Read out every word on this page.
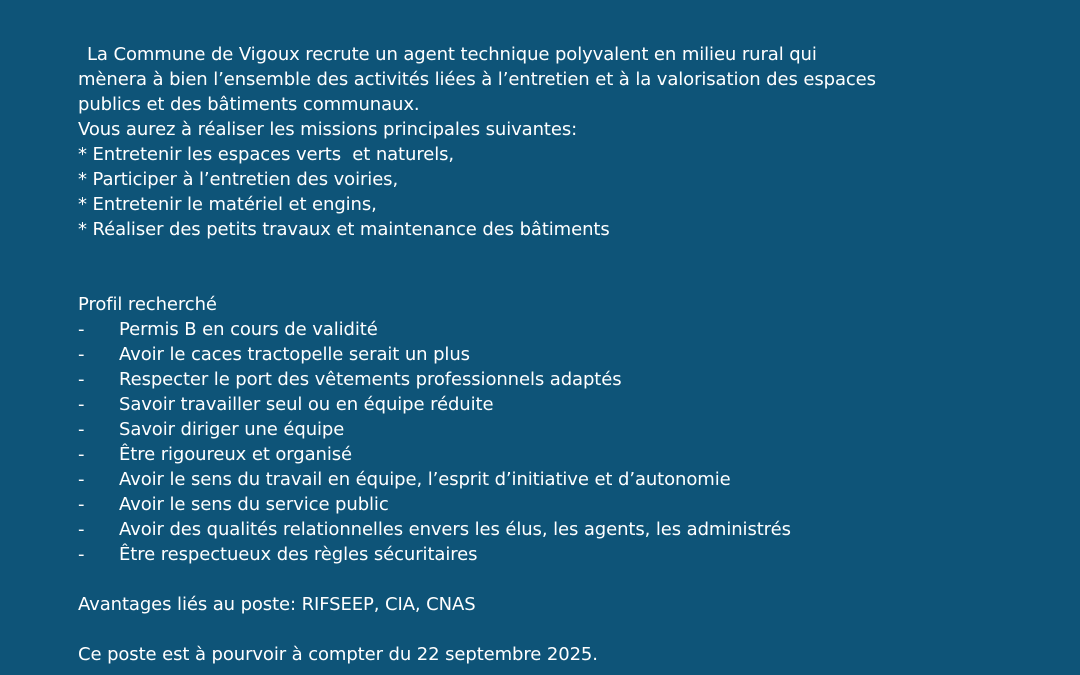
La Commune de Vigoux recrute un agent technique polyvalent en milieu rural qui
mènera à bien l’ensemble des activités liées à l’entretien et à la valorisation des espaces
publics et des bâtiments communaux.
Vous aurez à réaliser les missions principales suivantes:
* Entretenir les espaces verts  et naturels,
* Participer à l’entretien des voiries,
* Entretenir le matériel et engins,
* Réaliser des petits travaux et maintenance des bâtiments
Profil recherché
-	Permis B en cours de validité
-	Avoir le caces tractopelle serait un plus
-	Respecter le port des vêtements professionnels adaptés
-	Savoir travailler seul ou en équipe réduite
-	Savoir diriger une équipe
-	Être rigoureux et organisé
-	Avoir le sens du travail en équipe, l’esprit d’initiative et d’autonomie
-	Avoir le sens du service public
-	Avoir des qualités relationnelles envers les élus, les agents, les administrés
-	Être respectueux des règles sécuritaires
Avantages liés au poste: RIFSEEP, CIA, CNAS
Ce poste est à pourvoir à compter du 22 septembre 2025.
